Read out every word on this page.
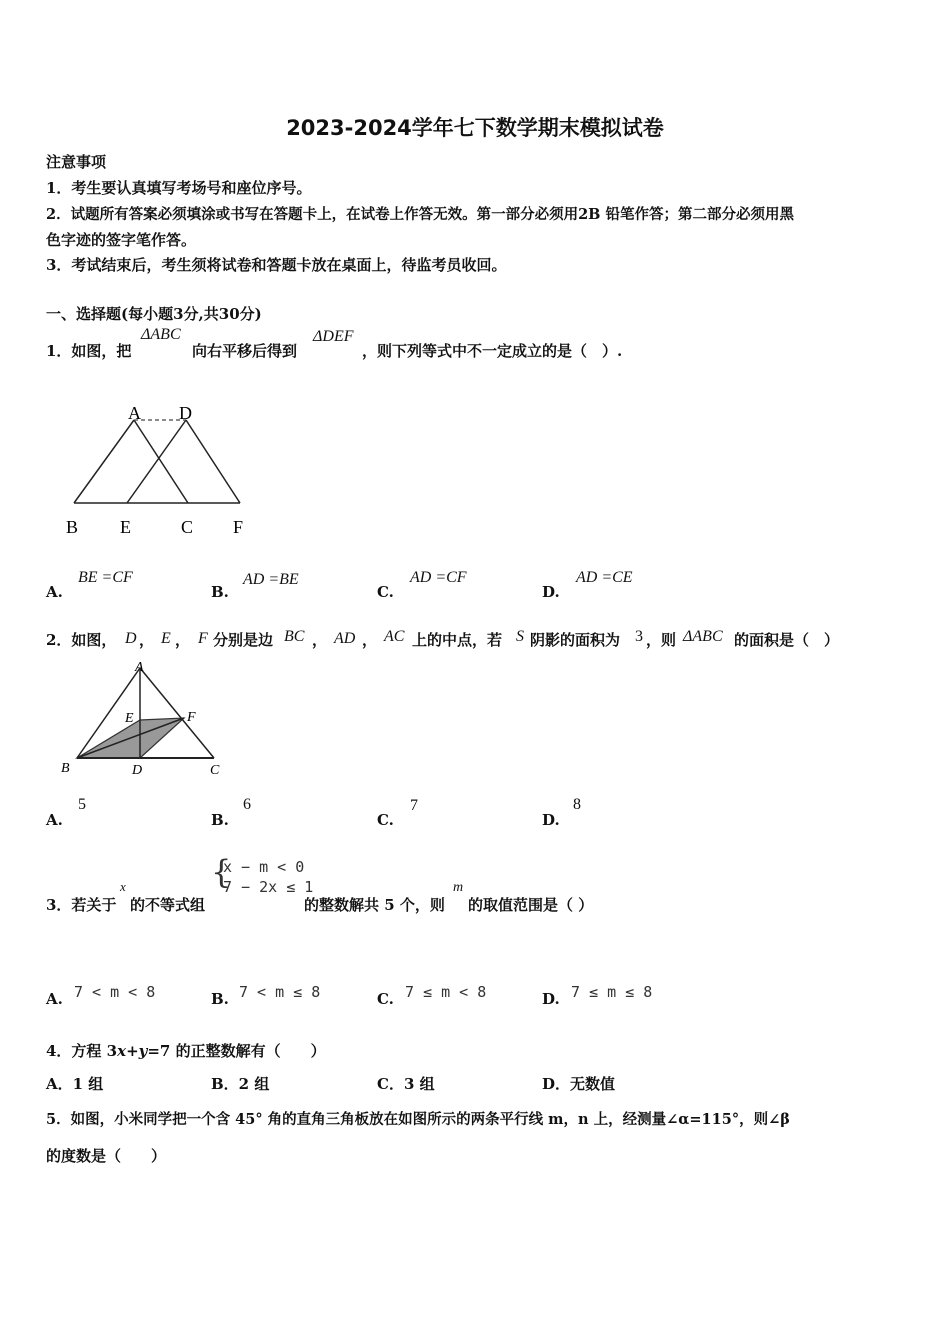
2023-2024学年七下数学期末模拟试卷
注意事项
1．考生要认真填写考场号和座位序号。
2．试题所有答案必须填涂或书写在答题卡上，在试卷上作答无效。第一部分必须用2B 铅笔作答；第二部分必须用黑
色字迹的签字笔作答。
3．考试结束后，考生须将试卷和答题卡放在桌面上，待监考员收回。
一、选择题(每小题3分,共30分)
1．如图，把
ΔABC
向右平移后得到
ΔDEF
，则下列等式中不一定成立的是（　）.
A D
B E	C F
A.
BE =CF
B.
AD =BE
C.
AD =CF
D.
AD =CE
2．如图， D ， E ， F 分别是边 BC ， AD ， AC 上的中点，若 S 阴影的面积为 3 ，则 ΔABC 的面积是（　）
A
E	F
B	D	C
A.
5
B.
6
C.
7
D.
8
3．若关于
x
的不等式组
{
x − m < 0
7 − 2x ≤ 1
的整数解共 5 个，则
m
的取值范围是（ ）
A. 7 < m < 8	B. 7 < m ≤ 8	C. 7 ≤ m < 8	D. 7 ≤ m ≤ 8
4．方程 3x+y=7 的正整数解有（　　）
A．1 组	B．2 组	C．3 组	D．无数值
5．如图，小米同学把一个含 45° 角的直角三角板放在如图所示的两条平行线 m，n 上，经测量∠α=115°，则∠β
的度数是（　　）
